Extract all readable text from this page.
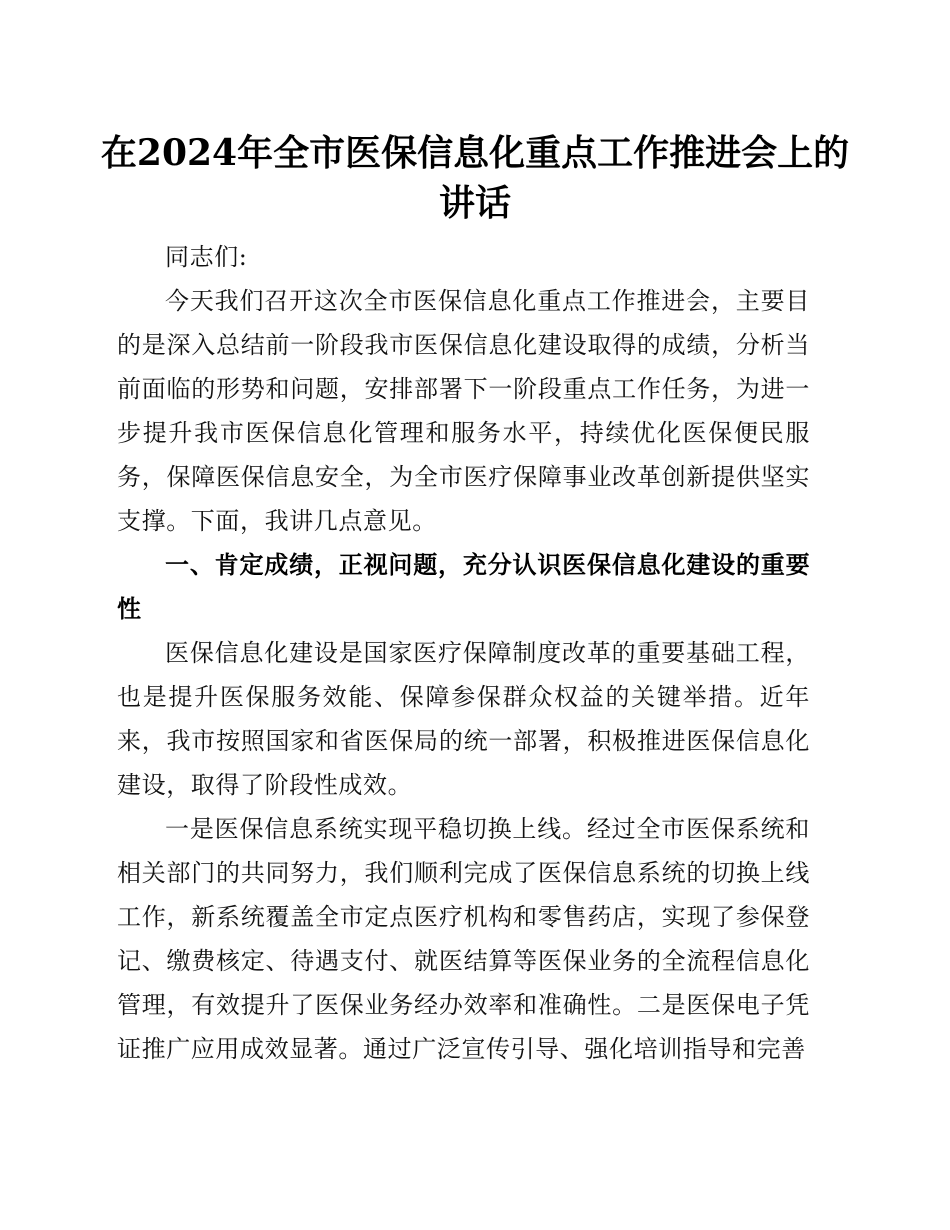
在2024年全市医保信息化重点工作推进会上的讲话

同志们:

今天我们召开这次全市医保信息化重点工作推进会，主要目的是深入总结前一阶段我市医保信息化建设取得的成绩，分析当前面临的形势和问题，安排部署下一阶段重点工作任务，为进一步提升我市医保信息化管理和服务水平，持续优化医保便民服务，保障医保信息安全，为全市医疗保障事业改革创新提供坚实支撑。下面，我讲几点意见。

一、肯定成绩，正视问题，充分认识医保信息化建设的重要性

医保信息化建设是国家医疗保障制度改革的重要基础工程，也是提升医保服务效能、保障参保群众权益的关键举措。近年来，我市按照国家和省医保局的统一部署，积极推进医保信息化建设，取得了阶段性成效。

一是医保信息系统实现平稳切换上线。经过全市医保系统和相关部门的共同努力，我们顺利完成了医保信息系统的切换上线工作，新系统覆盖全市定点医疗机构和零售药店，实现了参保登记、缴费核定、待遇支付、就医结算等医保业务的全流程信息化管理，有效提升了医保业务经办效率和准确性。二是医保电子凭证推广应用成效显著。通过广泛宣传引导、强化培训指导和完善
